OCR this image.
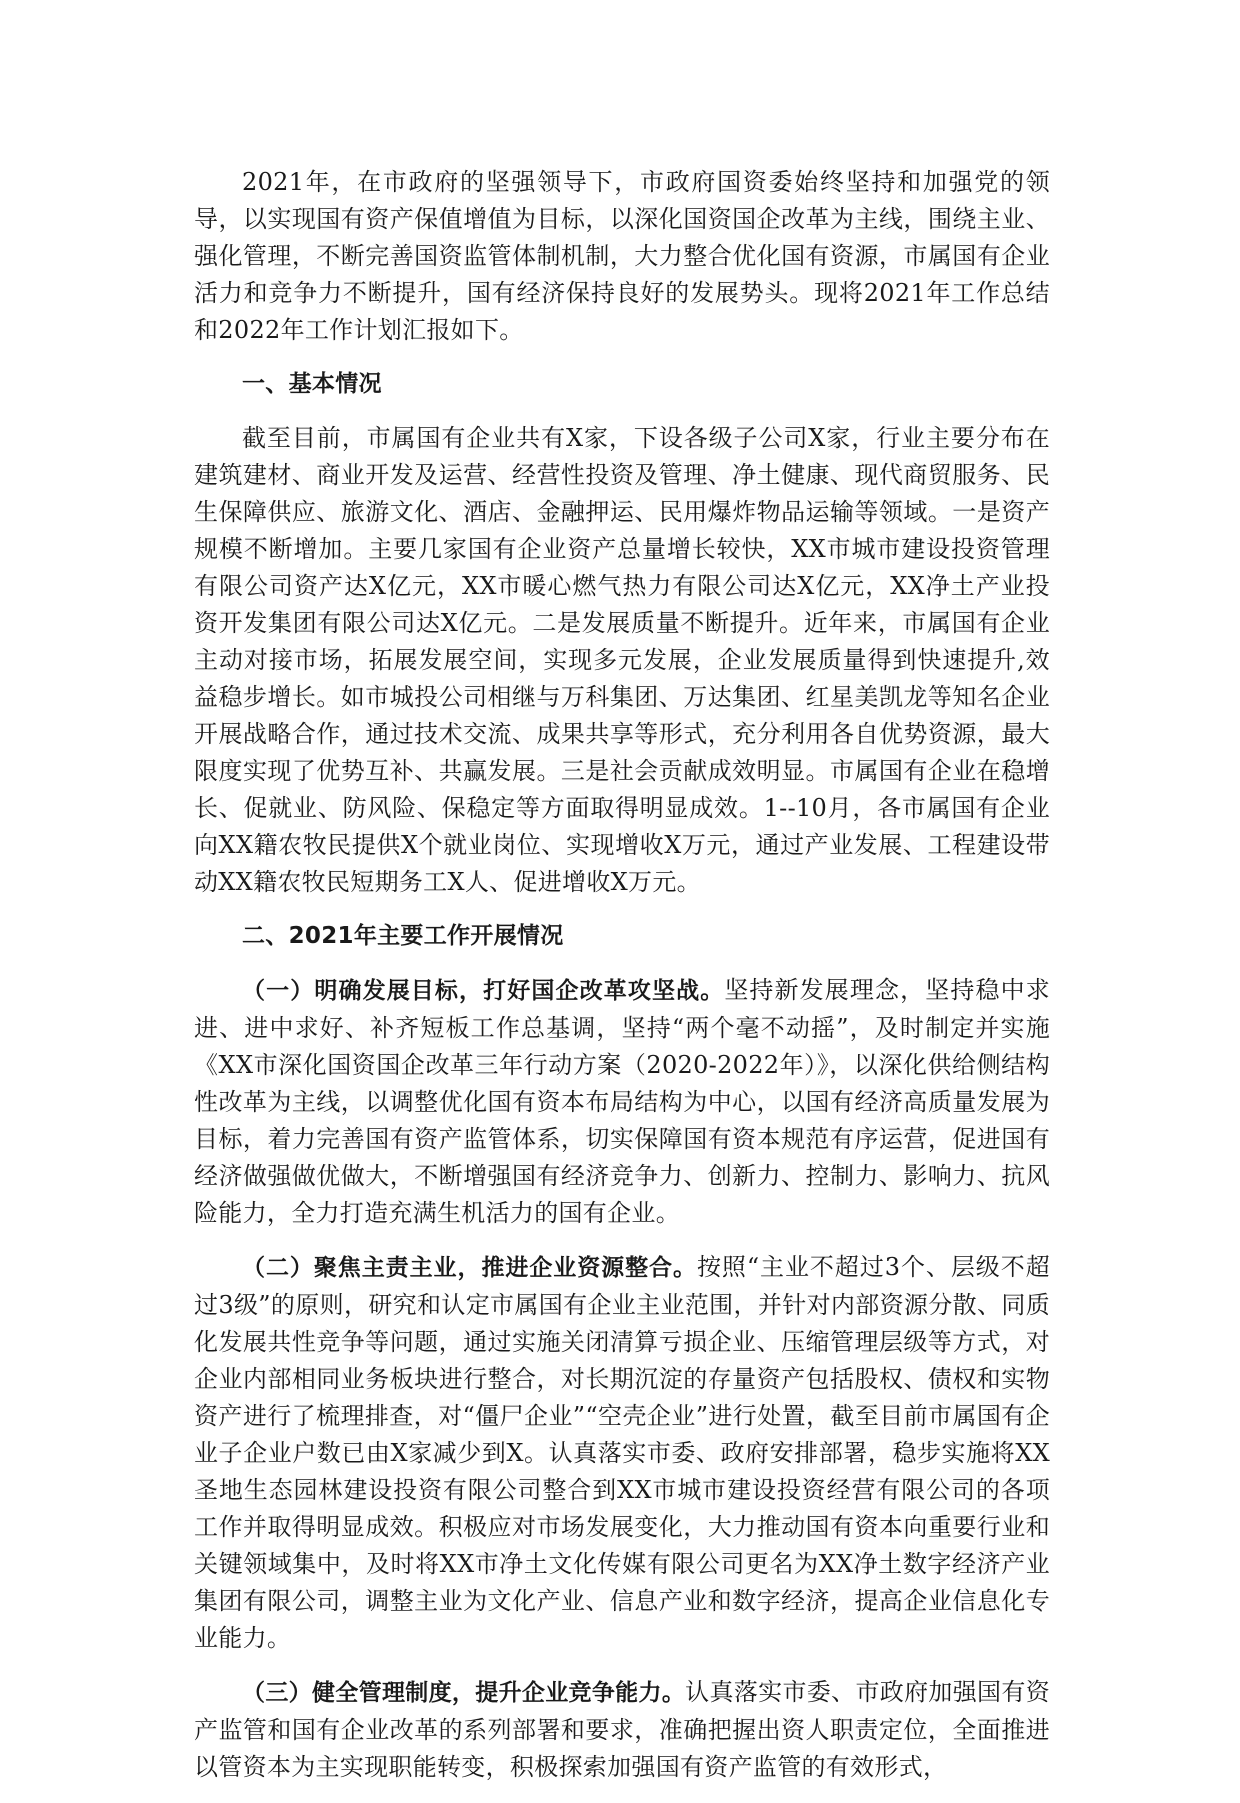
2021年，在市政府的坚强领导下，市政府国资委始终坚持和加强党的领导，以实现国有资产保值增值为目标，以深化国资国企改革为主线，围绕主业、强化管理，不断完善国资监管体制机制，大力整合优化国有资源，市属国有企业活力和竞争力不断提升，国有经济保持良好的发展势头。现将2021年工作总结和2022年工作计划汇报如下。

一、基本情况

截至目前，市属国有企业共有X家，下设各级子公司X家，行业主要分布在建筑建材、商业开发及运营、经营性投资及管理、净土健康、现代商贸服务、民生保障供应、旅游文化、酒店、金融押运、民用爆炸物品运输等领域。一是资产规模不断增加。主要几家国有企业资产总量增长较快，XX市城市建设投资管理有限公司资产达X亿元，XX市暖心燃气热力有限公司达X亿元，XX净土产业投资开发集团有限公司达X亿元。二是发展质量不断提升。近年来，市属国有企业主动对接市场，拓展发展空间，实现多元发展，企业发展质量得到快速提升,效益稳步增长。如市城投公司相继与万科集团、万达集团、红星美凯龙等知名企业开展战略合作，通过技术交流、成果共享等形式，充分利用各自优势资源，最大限度实现了优势互补、共赢发展。三是社会贡献成效明显。市属国有企业在稳增长、促就业、防风险、保稳定等方面取得明显成效。1--10月，各市属国有企业向XX籍农牧民提供X个就业岗位、实现增收X万元，通过产业发展、工程建设带动XX籍农牧民短期务工X人、促进增收X万元。

二、2021年主要工作开展情况

（一）明确发展目标，打好国企改革攻坚战。坚持新发展理念，坚持稳中求进、进中求好、补齐短板工作总基调，坚持“两个毫不动摇”，及时制定并实施《XX市深化国资国企改革三年行动方案（2020-2022年）》，以深化供给侧结构性改革为主线，以调整优化国有资本布局结构为中心，以国有经济高质量发展为目标，着力完善国有资产监管体系，切实保障国有资本规范有序运营，促进国有经济做强做优做大，不断增强国有经济竞争力、创新力、控制力、影响力、抗风险能力，全力打造充满生机活力的国有企业。

（二）聚焦主责主业，推进企业资源整合。按照“主业不超过3个、层级不超过3级”的原则，研究和认定市属国有企业主业范围，并针对内部资源分散、同质化发展共性竞争等问题，通过实施关闭清算亏损企业、压缩管理层级等方式，对企业内部相同业务板块进行整合，对长期沉淀的存量资产包括股权、债权和实物资产进行了梳理排查，对“僵尸企业”“空壳企业”进行处置，截至目前市属国有企业子企业户数已由X家减少到X。认真落实市委、政府安排部署，稳步实施将XX圣地生态园林建设投资有限公司整合到XX市城市建设投资经营有限公司的各项工作并取得明显成效。积极应对市场发展变化，大力推动国有资本向重要行业和关键领域集中，及时将XX市净土文化传媒有限公司更名为XX净土数字经济产业集团有限公司，调整主业为文化产业、信息产业和数字经济，提高企业信息化专业能力。

（三）健全管理制度，提升企业竞争能力。认真落实市委、市政府加强国有资产监管和国有企业改革的系列部署和要求，准确把握出资人职责定位，全面推进以管资本为主实现职能转变，积极探索加强国有资产监管的有效形式，
